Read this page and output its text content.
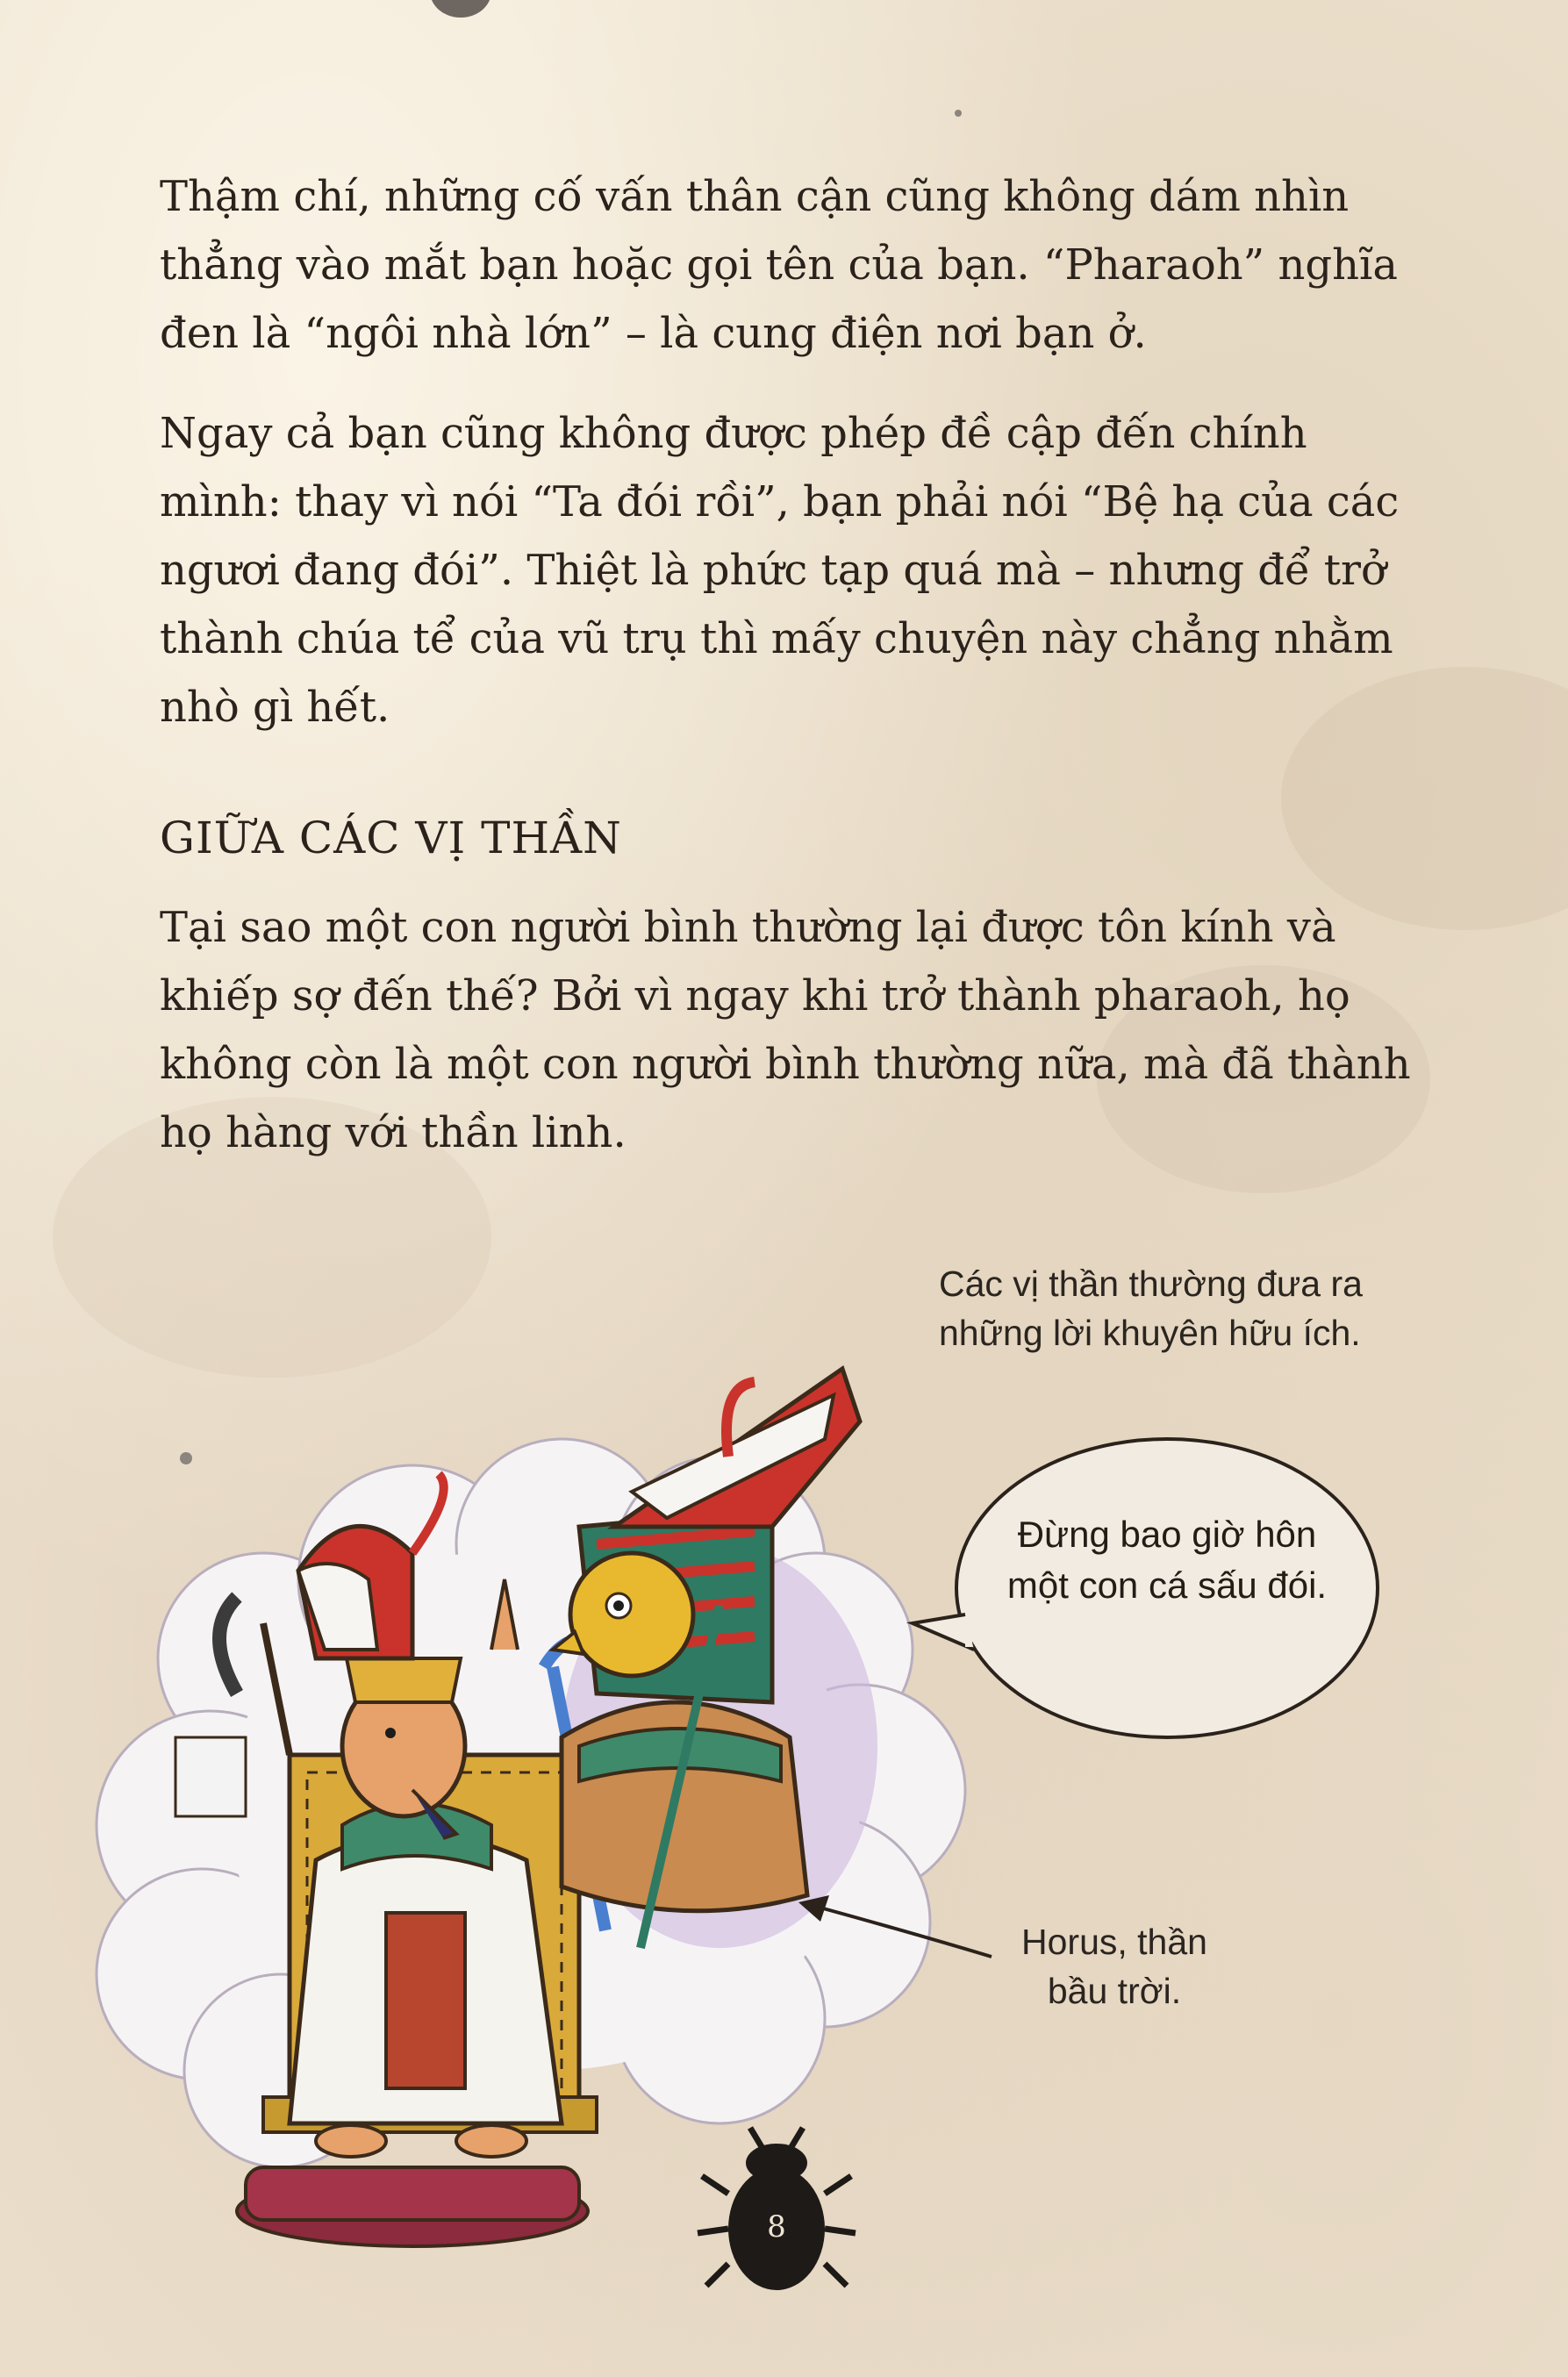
Thậm chí, những cố vấn thân cận cũng không dám nhìn thẳng vào mắt bạn hoặc gọi tên của bạn. “Pharaoh” nghĩa đen là “ngôi nhà lớn” – là cung điện nơi bạn ở.

Ngay cả bạn cũng không được phép đề cập đến chính mình: thay vì nói “Ta đói rồi”, bạn phải nói “Bệ hạ của các ngươi đang đói”. Thiệt là phức tạp quá mà – nhưng để trở thành chúa tể của vũ trụ thì mấy chuyện này chẳng nhằm nhò gì hết.

GIỮA CÁC VỊ THẦN

Tại sao một con người bình thường lại được tôn kính và khiếp sợ đến thế? Bởi vì ngay khi trở thành pharaoh, họ không còn là một con người bình thường nữa, mà đã thành họ hàng với thần linh.

Các vị thần thường đưa ra những lời khuyên hữu ích.

Đừng bao giờ hôn một con cá sấu đói.

Horus, thần bầu trời.

8
